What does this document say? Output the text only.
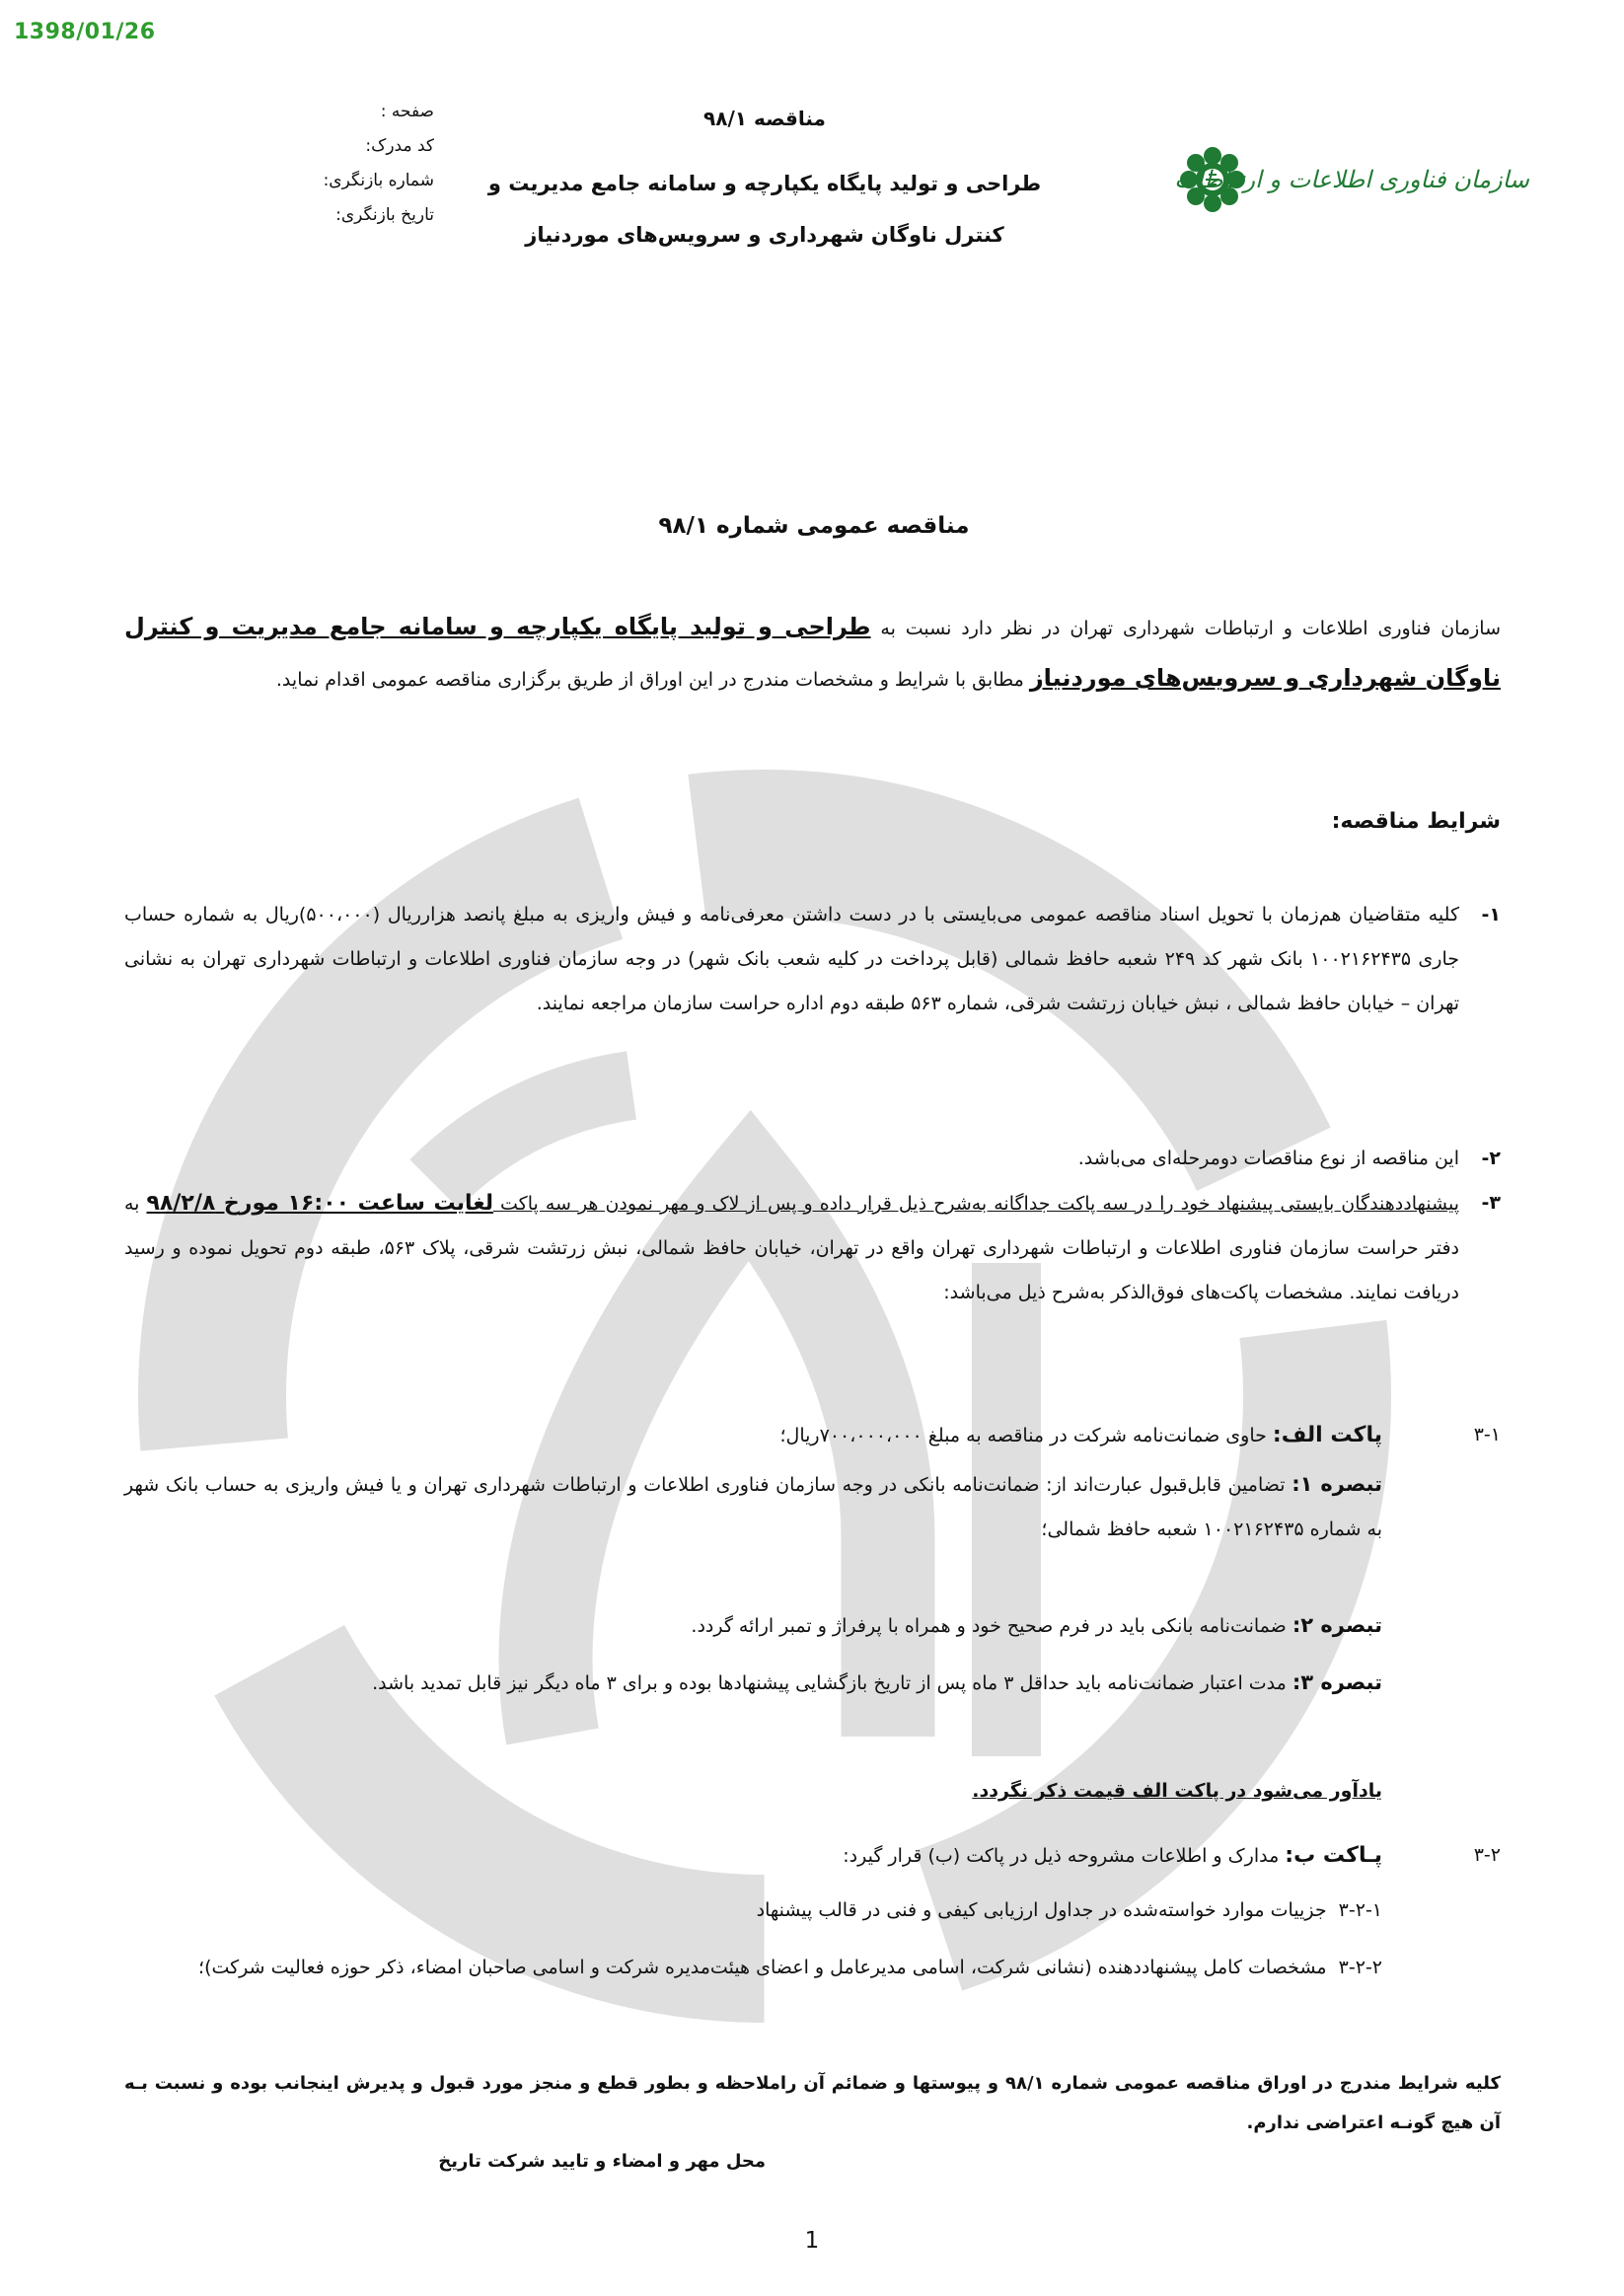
1398/01/26
سازمان فناوری اطلاعات و ارتباطات
صفحه :
کد مدرک:
شماره بازنگری:
تاریخ بازنگری:
مناقصه ۹۸/۱
طراحی و تولید پایگاه یکپارچه و سامانه جامع مدیریت و
کنترل ناوگان شهرداری و سرویس‌های موردنیاز
مناقصه عمومی شماره ۹۸/۱
سازمان فناوری اطلاعات و ارتباطات شهرداری تهران در نظر دارد نسبت به طراحی و تولید پایگاه یکپارچه و سامانه جامع مدیریت و کنترل ناوگان شهرداری و سرویس‌های موردنیاز مطابق با شرایط و مشخصات مندرج در این اوراق از طریق برگزاری مناقصه عمومی اقدام نماید.
شرایط مناقصه:
۱-
کلیه متقاضیان هم‌زمان با تحویل اسناد مناقصه عمومی می‌بایستی با در دست داشتن معرفی‌نامه و فیش واریزی به مبلغ پانصد هزارریال (۵۰۰،۰۰۰)ریال به شماره حساب جاری ۱۰۰۲۱۶۲۴۳۵ بانک شهر کد ۲۴۹ شعبه حافظ شمالی (قابل پرداخت در کلیه شعب بانک شهر) در وجه سازمان فناوری اطلاعات و ارتباطات شهرداری تهران به نشانی تهران – خیابان حافظ شمالی ، نبش خیابان زرتشت شرقی، شماره ۵۶۳ طبقه دوم اداره حراست سازمان مراجعه نمایند.
۲-
این مناقصه از نوع مناقصات دومرحله‌ای می‌باشد.
۳-
پیشنهاددهندگان بایستی پیشنهاد خود را در سه پاکت جداگانه به‌شرح ذیل قرار داده و پس از لاک و مهر نمودن هر سه پاکت لغایت ساعت ۱۶:۰۰ مورخ ۹۸/۲/۸ به دفتر حراست سازمان فناوری اطلاعات و ارتباطات شهرداری تهران واقع در تهران، خیابان حافظ شمالی، نبش زرتشت شرقی، پلاک ۵۶۳، طبقه دوم تحویل نموده و رسید دریافت نمایند. مشخصات پاکت‌های فوق‌الذکر به‌شرح ذیل می‌باشد:
۳-۱
پاکت الف: حاوی ضمانت‌نامه شرکت در مناقصه به مبلغ ۷۰۰،۰۰۰،۰۰۰ریال؛
تبصره ۱: تضامین قابل‌قبول عبارت‌اند از: ضمانت‌نامه بانکی در وجه سازمان فناوری اطلاعات و ارتباطات شهرداری تهران و یا فیش واریزی به حساب بانک شهر به شماره ۱۰۰۲۱۶۲۴۳۵ شعبه حافظ شمالی؛
تبصره ۲: ضمانت‌نامه بانکی باید در فرم صحیح خود و همراه با پرفراژ و تمبر ارائه گردد.
تبصره ۳: مدت اعتبار ضمانت‌نامه باید حداقل ۳ ماه پس از تاریخ بازگشایی پیشنهادها بوده و برای ۳ ماه دیگر نیز قابل تمدید باشد.
یادآور می‌شود در پاکت الف قیمت ذکر نگردد.
۳-۲
پـاکت ب: مدارک و اطلاعات مشروحه ذیل در پاکت (ب) قرار گیرد:
۳-۲-۱  جزییات موارد خواسته‌شده در جداول ارزیابی کیفی و فنی در قالب پیشنهاد
۳-۲-۲  مشخصات کامل پیشنهاددهنده (نشانی شرکت، اسامی مدیرعامل و اعضای هیئت‌مدیره شرکت و اسامی صاحبان امضاء، ذکر حوزه فعالیت شرکت)؛
کلیه شرایط مندرج در اوراق مناقصه عمومی شماره ۹۸/۱ و پیوستها و ضمائم آن راملاحظه و بطور قطع و منجز مورد قبول و پدیرش اینجانب بوده و نسبت بـه آن هیچ گونـه اعتراضی ندارم.
محل مهر و امضاء و تایید شرکت تاریخ
1
